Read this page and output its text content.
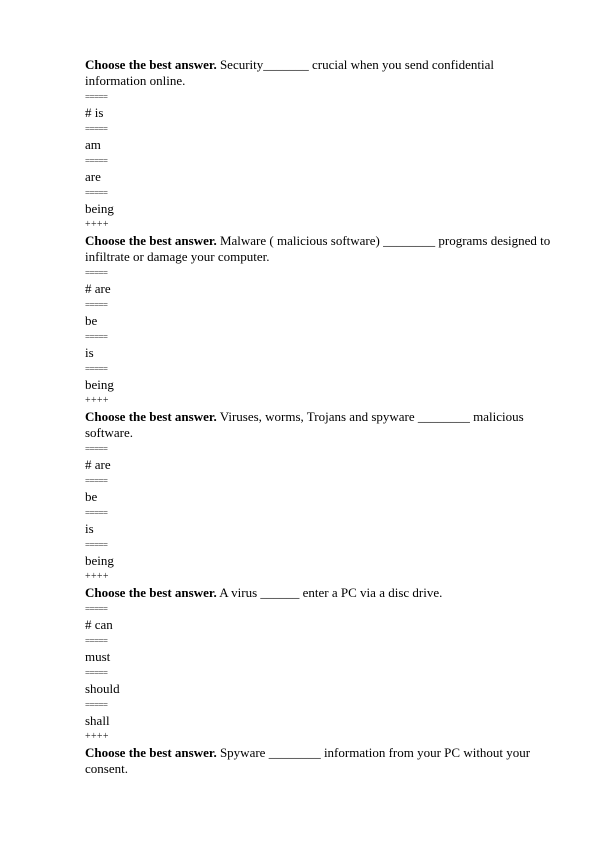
Choose the best answer. Security_______ crucial when you send confidential information online.

=====
# is
=====
am
=====
are
=====
being
++++

Choose the best answer. Malware ( malicious software) ________ programs designed to infiltrate or damage your computer.

=====
# are
=====
be
=====
is
=====
being
++++

Choose the best answer. Viruses, worms, Trojans and spyware ________ malicious software.

=====
# are
=====
be
=====
is
=====
being
++++

Choose the best answer. A virus ______ enter a PC via a disc drive.

=====
# can
=====
must
=====
should
=====
shall
++++

Choose the best answer. Spyware ________ information from your PC without your consent.
